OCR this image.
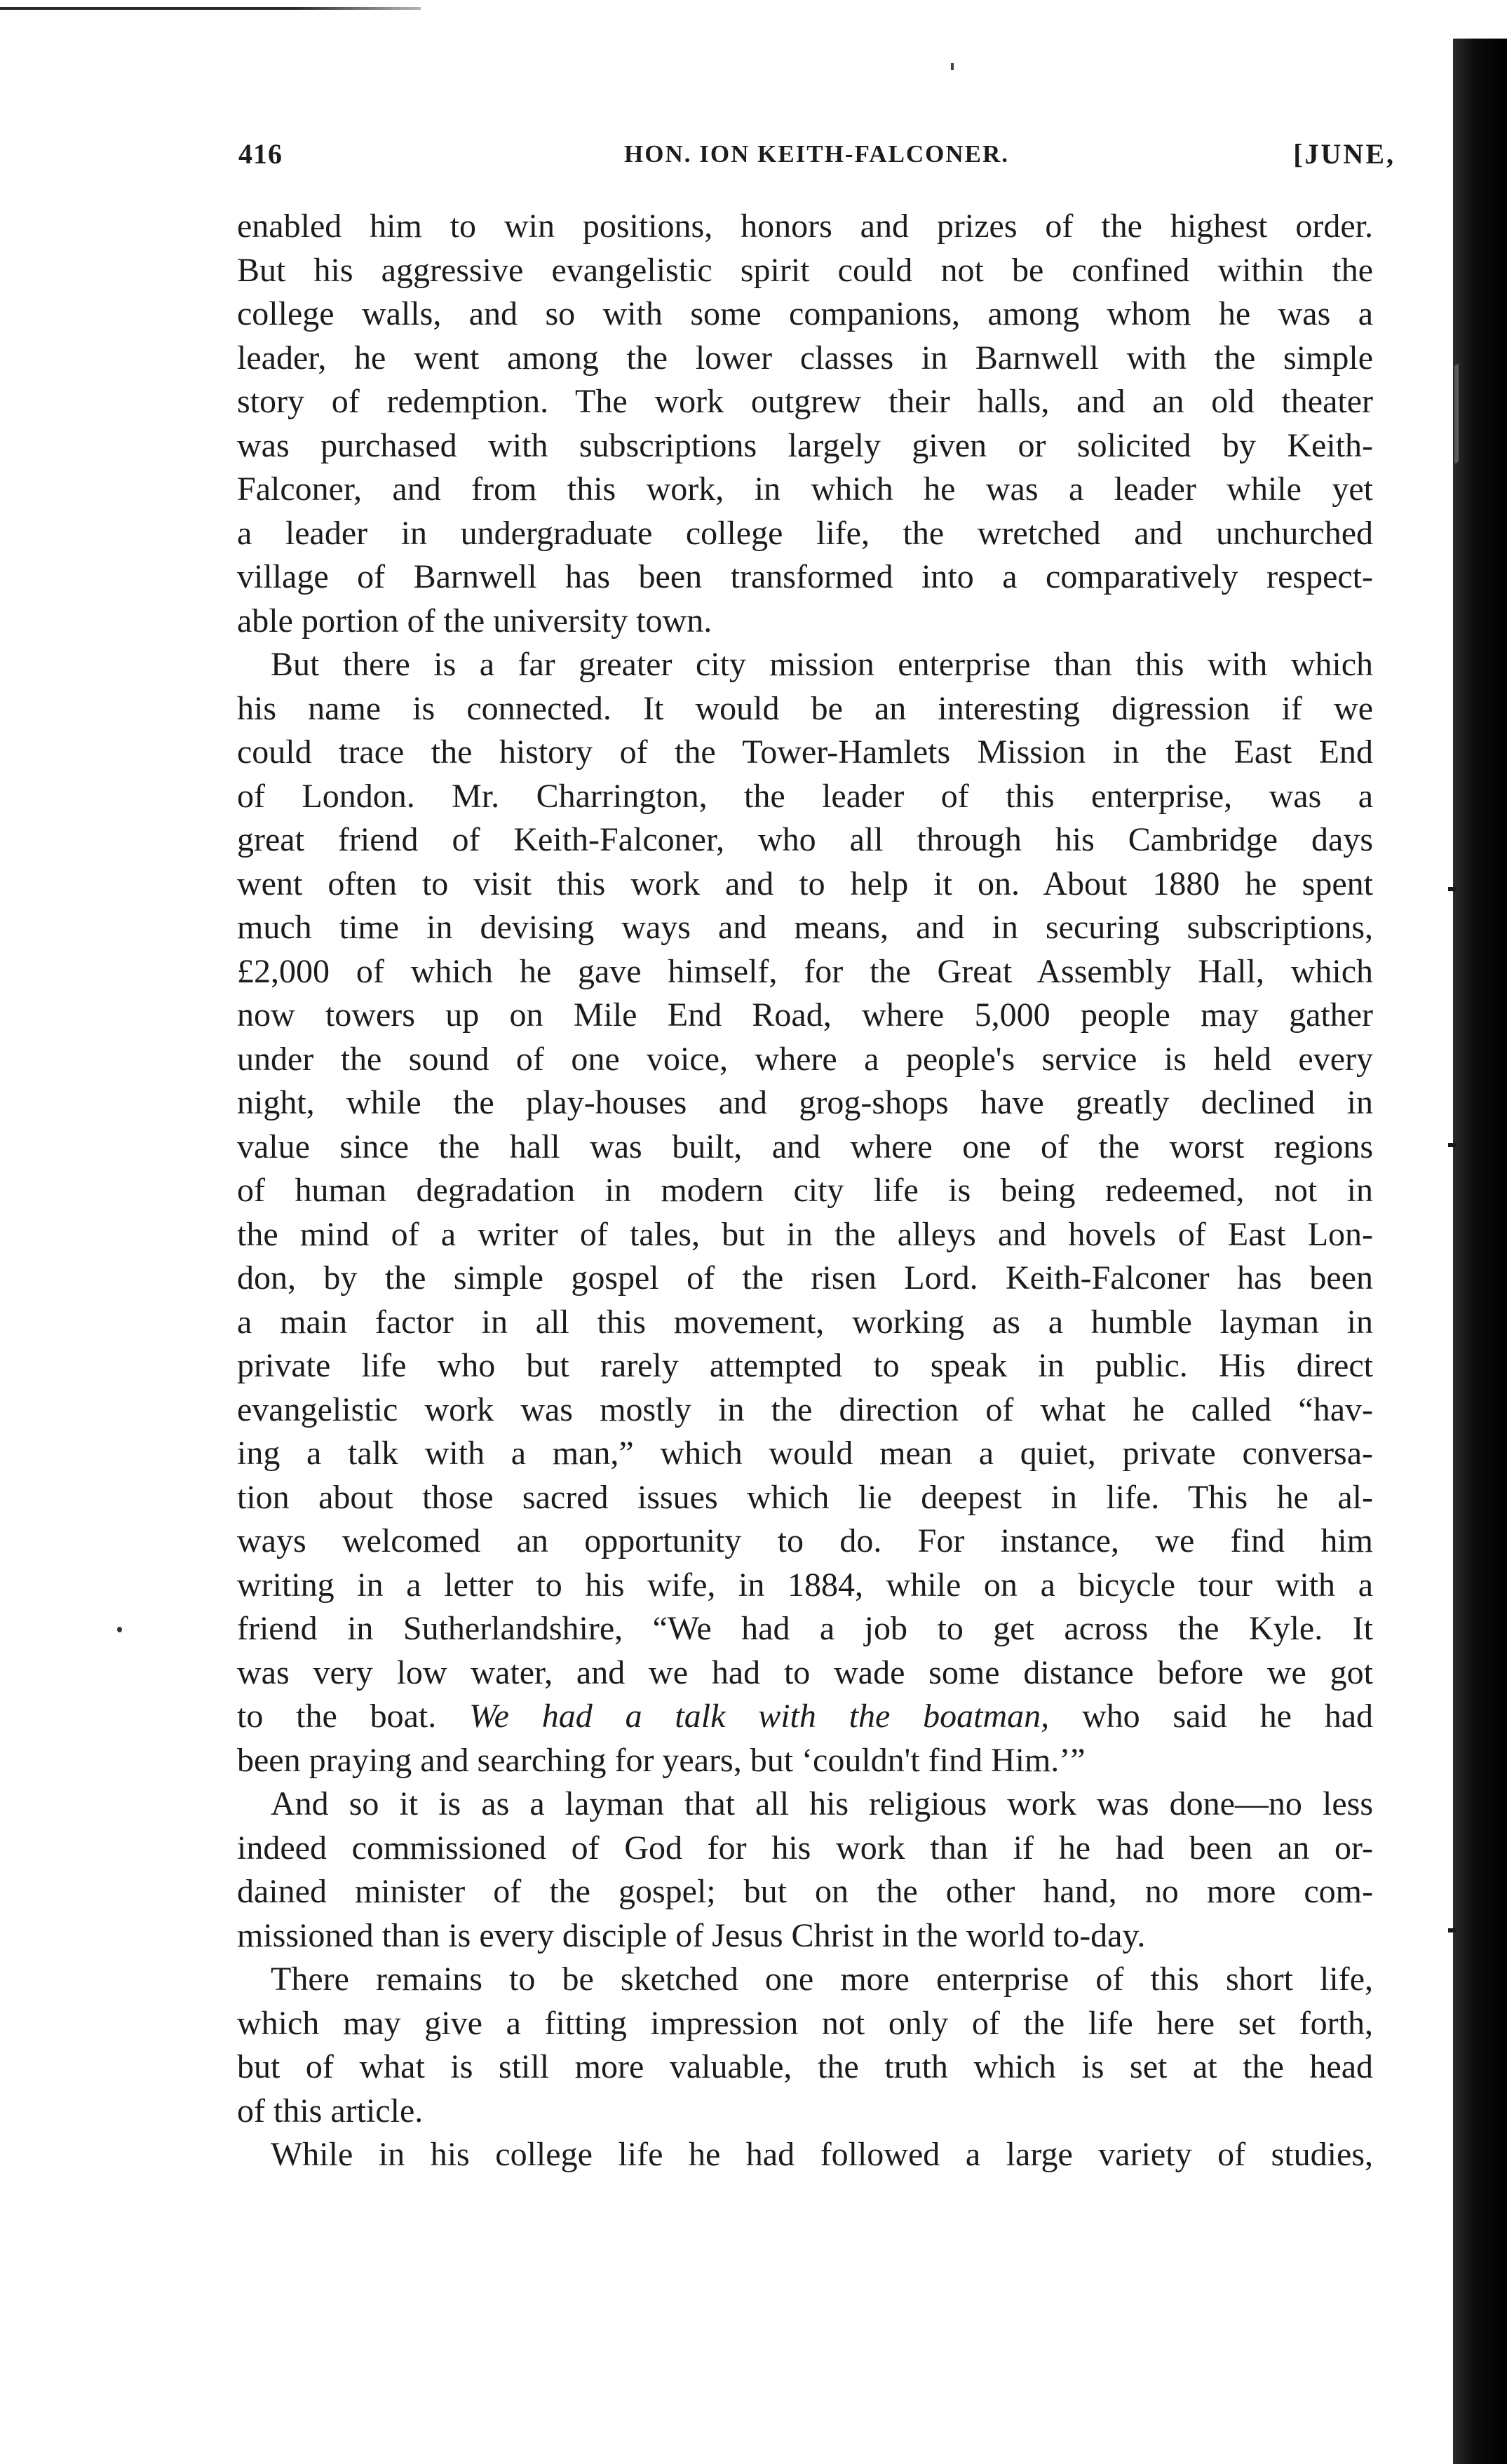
416	HON. ION KEITH-FALCONER.	[JUNE,
enabled him to win positions, honors and prizes of the highest order.
But his aggressive evangelistic spirit could not be confined within the
college walls, and so with some companions, among whom he was a
leader, he went among the lower classes in Barnwell with the simple
story of redemption. The work outgrew their halls, and an old theater
was purchased with subscriptions largely given or solicited by Keith-
Falconer, and from this work, in which he was a leader while yet
a leader in undergraduate college life, the wretched and unchurched
village of Barnwell has been transformed into a comparatively respect-
able portion of the university town.
But there is a far greater city mission enterprise than this with which
his name is connected. It would be an interesting digression if we
could trace the history of the Tower-Hamlets Mission in the East End
of London. Mr. Charrington, the leader of this enterprise, was a
great friend of Keith-Falconer, who all through his Cambridge days
went often to visit this work and to help it on. About 1880 he spent
much time in devising ways and means, and in securing subscriptions,
£2,000 of which he gave himself, for the Great Assembly Hall, which
now towers up on Mile End Road, where 5,000 people may gather
under the sound of one voice, where a people's service is held every
night, while the play-houses and grog-shops have greatly declined in
value since the hall was built, and where one of the worst regions
of human degradation in modern city life is being redeemed, not in
the mind of a writer of tales, but in the alleys and hovels of East Lon-
don, by the simple gospel of the risen Lord. Keith-Falconer has been
a main factor in all this movement, working as a humble layman in
private life who but rarely attempted to speak in public. His direct
evangelistic work was mostly in the direction of what he called “hav-
ing a talk with a man,” which would mean a quiet, private conversa-
tion about those sacred issues which lie deepest in life. This he al-
ways welcomed an opportunity to do. For instance, we find him
writing in a letter to his wife, in 1884, while on a bicycle tour with a
friend in Sutherlandshire, “We had a job to get across the Kyle. It
was very low water, and we had to wade some distance before we got
to the boat. We had a talk with the boatman, who said he had
been praying and searching for years, but ‘couldn't find Him.’”
And so it is as a layman that all his religious work was done—no less
indeed commissioned of God for his work than if he had been an or-
dained minister of the gospel; but on the other hand, no more com-
missioned than is every disciple of Jesus Christ in the world to-day.
There remains to be sketched one more enterprise of this short life,
which may give a fitting impression not only of the life here set forth,
but of what is still more valuable, the truth which is set at the head
of this article.
While in his college life he had followed a large variety of studies,
